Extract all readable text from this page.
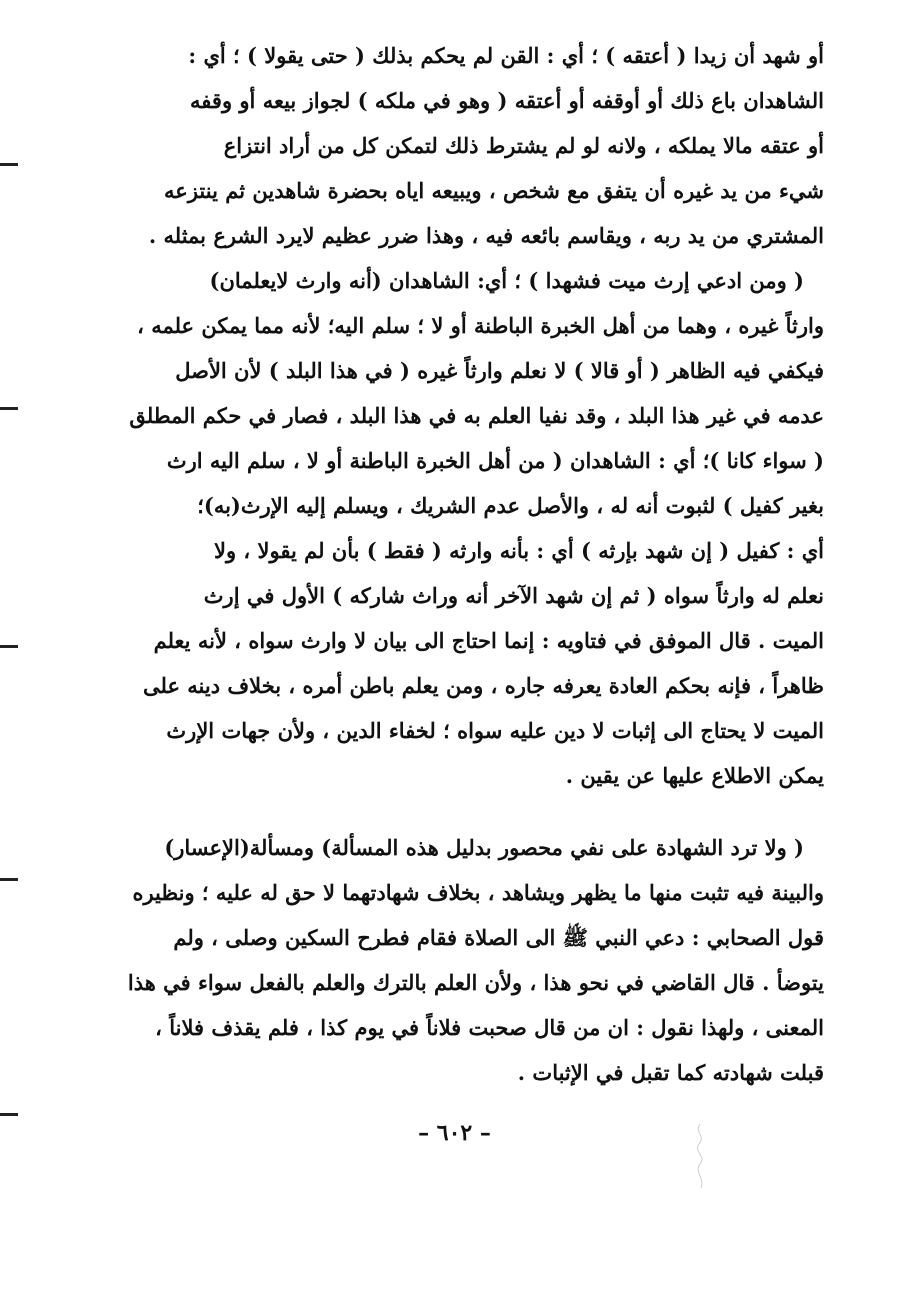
أو شهد أن زيدا ( أعتقه ) ؛ أي : القن لم يحكم بذلك ( حتى يقولا ) ؛ أي :
الشاهدان باع ذلك أو أوقفه أو أعتقه ( وهو في ملكه ) لجواز بيعه أو وقفه
أو عتقه مالا يملكه ، ولانه لو لم يشترط ذلك لتمكن كل من أراد انتزاع
شيء من يد غيره أن يتفق مع شخص ، ويبيعه اياه بحضرة شاهدين ثم ينتزعه
المشتري من يد ربه ، ويقاسم بائعه فيه ، وهذا ضرر عظيم لايرد الشرع بمثله .
( ومن ادعي إرث ميت فشهدا ) ؛ أي: الشاهدان (أنه وارث لايعلمان)
وارثاً غيره ، وهما من أهل الخبرة الباطنة أو لا ؛ سلم اليه؛ لأنه مما يمكن علمه ،
فيكفي فيه الظاهر ( أو قالا ) لا نعلم وارثاً غيره ( في هذا البلد ) لأن الأصل
عدمه في غير هذا البلد ، وقد نفيا العلم به في هذا البلد ، فصار في حكم المطلق
( سواء كانا )؛ أي : الشاهدان ( من أهل الخبرة الباطنة أو لا ، سلم اليه ارث
بغير كفيل ) لثبوت أنه له ، والأصل عدم الشريك ، ويسلم إليه الإرث(به)؛
أي : كفيل ( إن شهد بإرثه ) أي : بأنه وارثه ( فقط ) بأن لم يقولا ، ولا
نعلم له وارثاً سواه ( ثم إن شهد الآخر أنه وراث شاركه ) الأول في إرث
الميت . قال الموفق في فتاويه : إنما احتاج الى بيان لا وارث سواه ، لأنه يعلم
ظاهراً ، فإنه بحكم العادة يعرفه جاره ، ومن يعلم باطن أمره ، بخلاف دينه على
الميت لا يحتاج الى إثبات لا دين عليه سواه ؛ لخفاء الدين ، ولأن جهات الإرث
يمكن الاطلاع عليها عن يقين .
( ولا ترد الشهادة على نفي محصور بدليل هذه المسألة) ومسألة(الإعسار)
والبينة فيه تثبت منها ما يظهر ويشاهد ، بخلاف شهادتهما لا حق له عليه ؛ ونظيره
قول الصحابي : دعي النبي ﷺ الى الصلاة فقام فطرح السكين وصلى ، ولم
يتوضأ . قال القاضي في نحو هذا ، ولأن العلم بالترك والعلم بالفعل سواء في هذا
المعنى ، ولهذا نقول : ان من قال صحبت فلاناً في يوم كذا ، فلم يقذف فلاناً ،
قبلت شهادته كما تقبل في الإثبات .
– ٦٠٢ –
